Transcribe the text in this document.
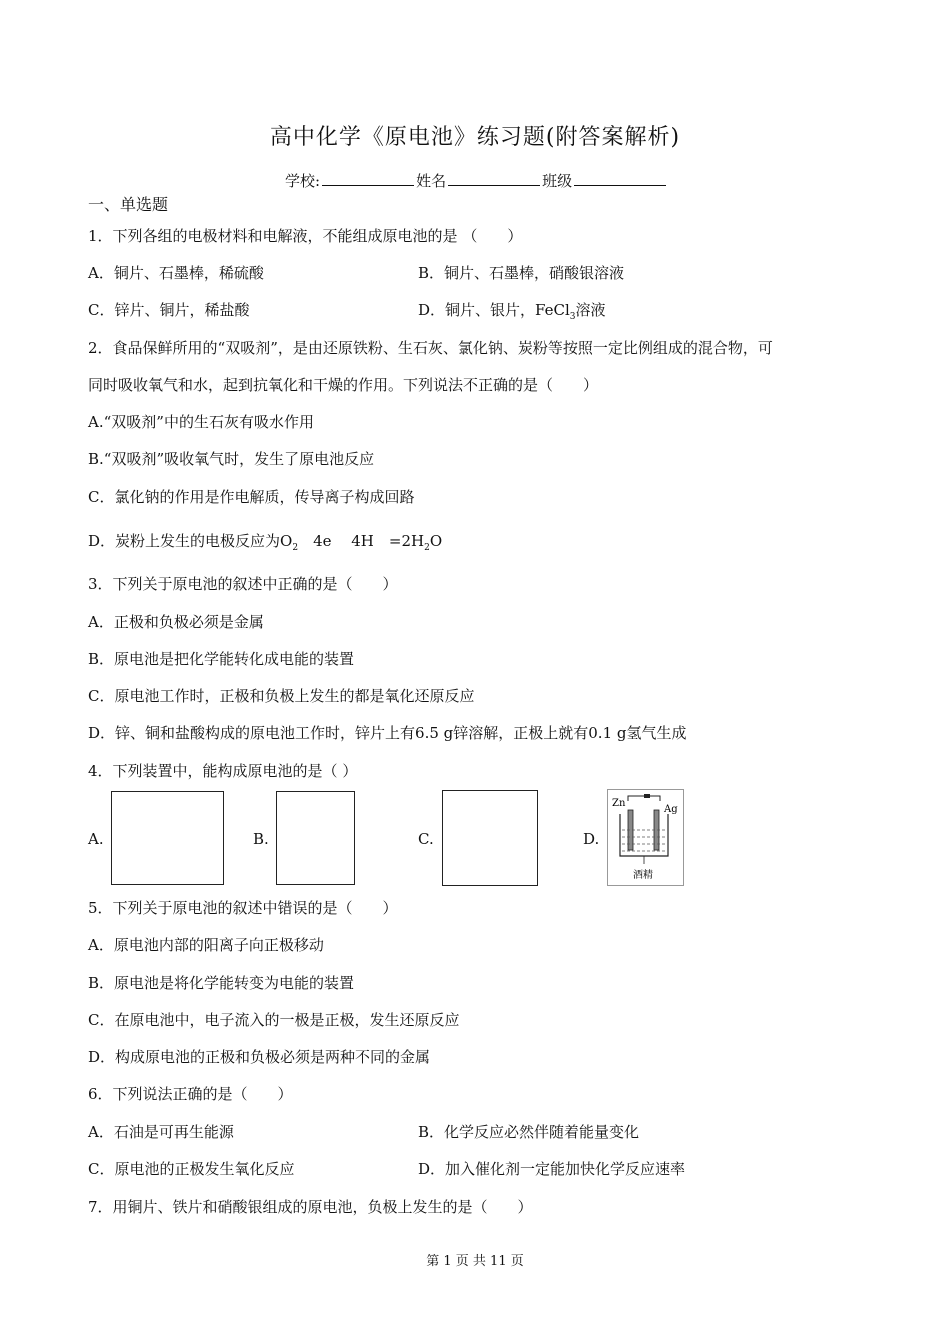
高中化学《原电池》练习题(附答案解析)
学校:	姓名	班级
一、单选题
1．下列各组的电极材料和电解液，不能组成原电池的是 （　　）
A．铜片、石墨棒，稀硫酸	B．铜片、石墨棒，硝酸银溶液
C．锌片、铜片，稀盐酸	D．铜片、银片，FeCl$_3$溶液
2．食品保鲜所用的“双吸剂”，是由还原铁粉、生石灰、氯化钠、炭粉等按照一定比例组成的混合物，可
同时吸收氧气和水，起到抗氧化和干燥的作用。下列说法不正确的是（　　）
A.“双吸剂”中的生石灰有吸水作用
B.“双吸剂”吸收氧气时，发生了原电池反应
C．氯化钠的作用是作电解质，传导离子构成回路
D．炭粉上发生的电极反应为$O_2$　4e　 4H　$=2H_2O$
3．下列关于原电池的叙述中正确的是（　　）
A．正极和负极必须是金属
B．原电池是把化学能转化成电能的装置
C．原电池工作时，正极和负极上发生的都是氧化还原反应
D．锌、铜和盐酸构成的原电池工作时，锌片上有6.5 g锌溶解，正极上就有0.1 g氢气生成
4．下列装置中，能构成原电池的是（ ）
A.	B.	C.	D.
Zn
Ag
酒精
5．下列关于原电池的叙述中错误的是（　　）
A．原电池内部的阳离子向正极移动
B．原电池是将化学能转变为电能的装置
C．在原电池中，电子流入的一极是正极，发生还原反应
D．构成原电池的正极和负极必须是两种不同的金属
6．下列说法正确的是（　　）
A．石油是可再生能源	B．化学反应必然伴随着能量变化
C．原电池的正极发生氧化反应	D．加入催化剂一定能加快化学反应速率
7．用铜片、铁片和硝酸银组成的原电池，负极上发生的是（　　）
第 1 页 共 11 页
